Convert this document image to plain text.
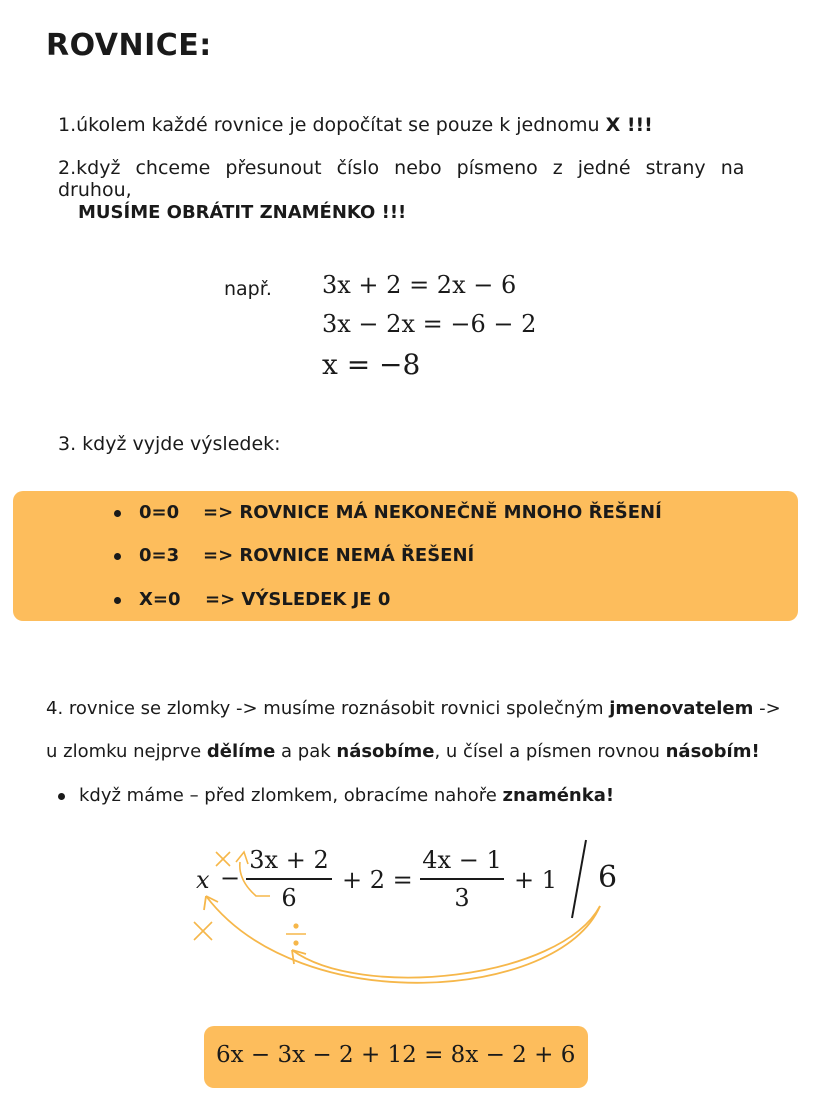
ROVNICE:
1.úkolem každé rovnice je dopočítat se pouze k jednomu X !!!
2.když chceme přesunout číslo nebo písmeno z jedné strany na druhou,
MUSÍME OBRÁTIT ZNAMÉNKO !!!
např. 3x + 2 = 2x − 6
3x − 2x = −6 − 2
x = −8
3. když vyjde výsledek:
0=0 => ROVNICE MÁ NEKONEČNĚ MNOHO ŘEŠENÍ
0=3 => ROVNICE NEMÁ ŘEŠENÍ
X=0 => VÝSLEDEK JE 0
4. rovnice se zlomky -> musíme roznásobit rovnici společným jmenovatelem ->
u zlomku nejprve dělíme a pak násobíme, u čísel a písmen rovnou násobím!
když máme – před zlomkem, obracíme nahoře znaménka!
x −
3x + 2
6
+ 2 =
4x − 1
3
+ 1 6
6x − 3x − 2 + 12 = 8x − 2 + 6
